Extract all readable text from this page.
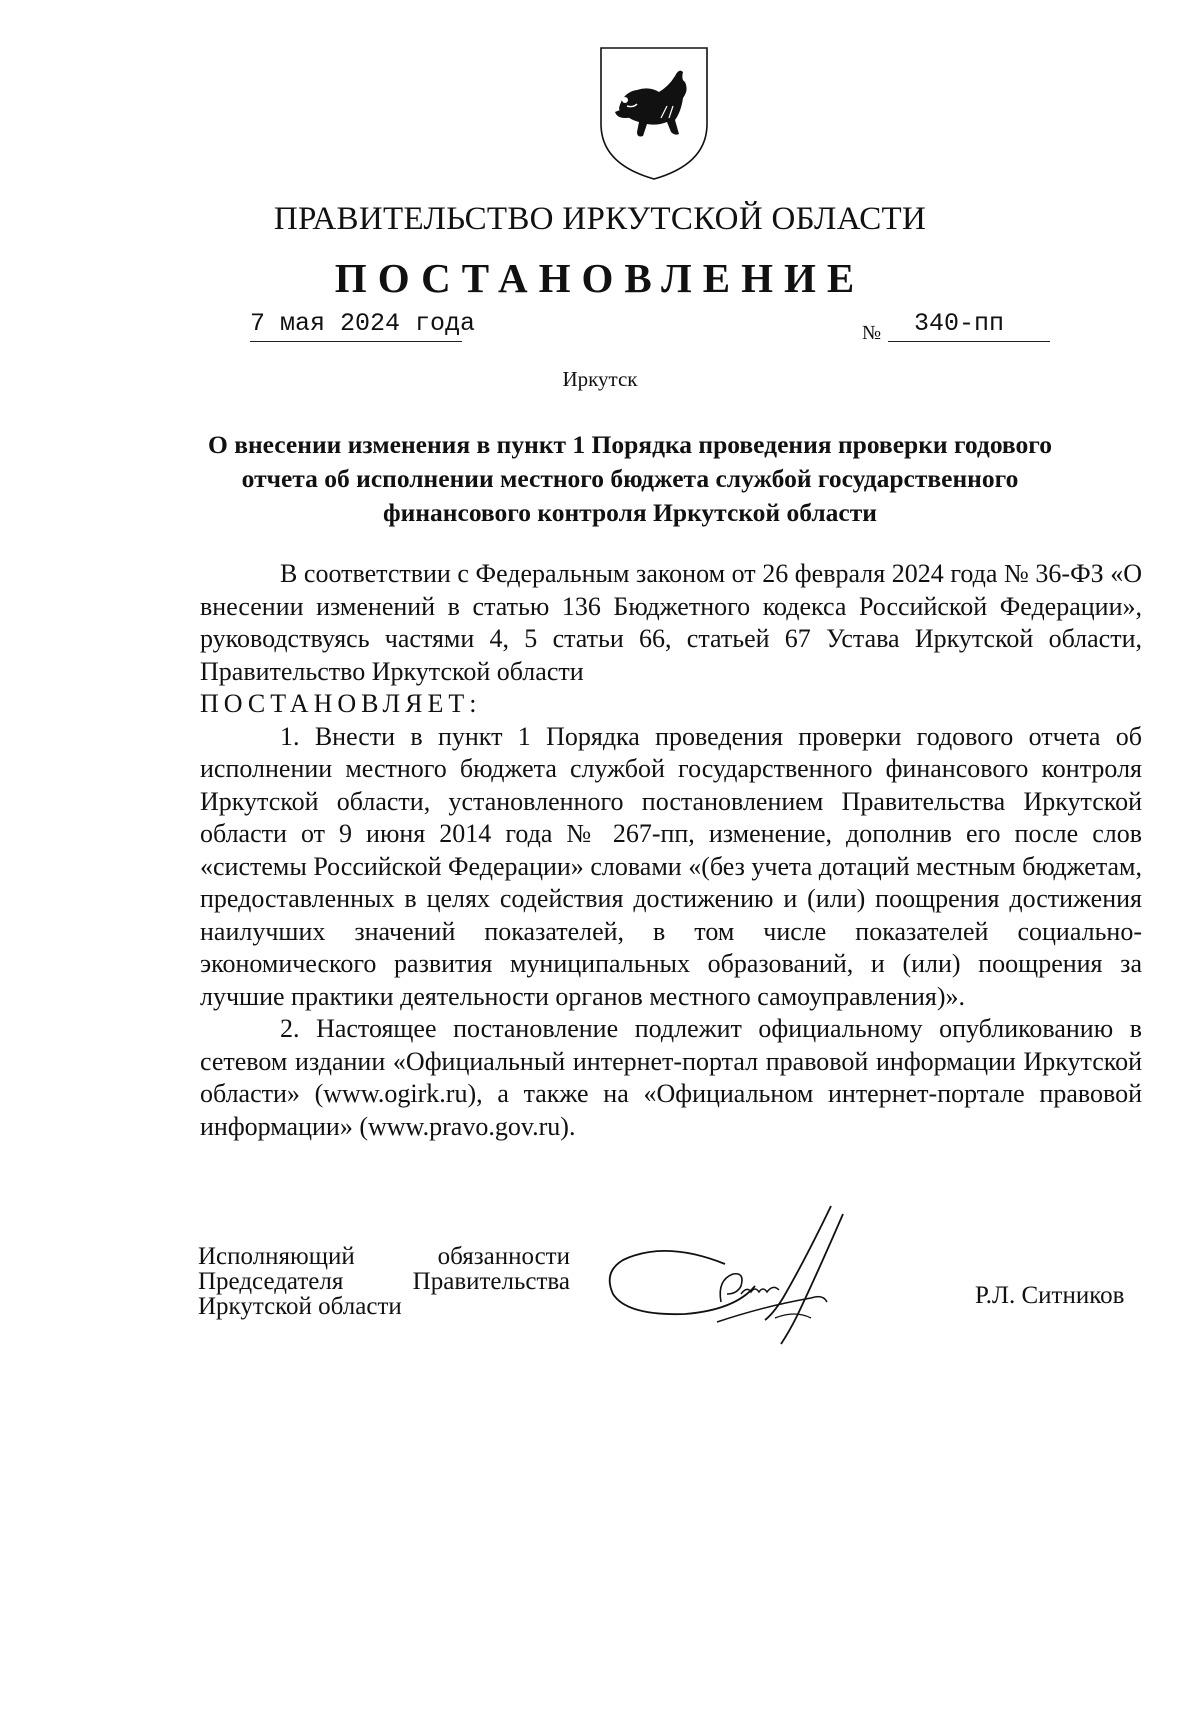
ПРАВИТЕЛЬСТВО ИРКУТСКОЙ ОБЛАСТИ
ПОСТАНОВЛЕНИЕ
7 мая 2024 года	№	340-пп
Иркутск
О внесении изменения в пункт 1 Порядка проведения проверки годового
отчета об исполнении местного бюджета службой государственного
финансового контроля Иркутской области

В соответствии с Федеральным законом от 26 февраля 2024 года № 36-ФЗ «О внесении изменений в статью 136 Бюджетного кодекса Российской Федерации», руководствуясь частями 4, 5 статьи 66, статьей 67 Устава Иркутской области, Правительство Иркутской области

ПОСТАНОВЛЯЕТ:

1. Внести в пункт 1 Порядка проведения проверки годового отчета об исполнении местного бюджета службой государственного финансового контроля Иркутской области, установленного постановлением Правительства Иркутской области от 9 июня 2014 года № 267-пп, изменение, дополнив его после слов «системы Российской Федерации» словами «(без учета дотаций местным бюджетам, предоставленных в целях содействия достижению и (или) поощрения достижения наилучших значений показателей, в том числе показателей социально-экономического развития муниципальных образований, и (или) поощрения за лучшие практики деятельности органов местного самоуправления)».

2. Настоящее постановление подлежит официальному опубликованию в сетевом издании «Официальный интернет-портал правовой информации Иркутской области» (www.ogirk.ru), а также на «Официальном интернет-портале правовой информации» (www.pravo.gov.ru).

Исполняющий	обязанности
Председателя	Правительства
Иркутской области	Р.Л. Ситников
